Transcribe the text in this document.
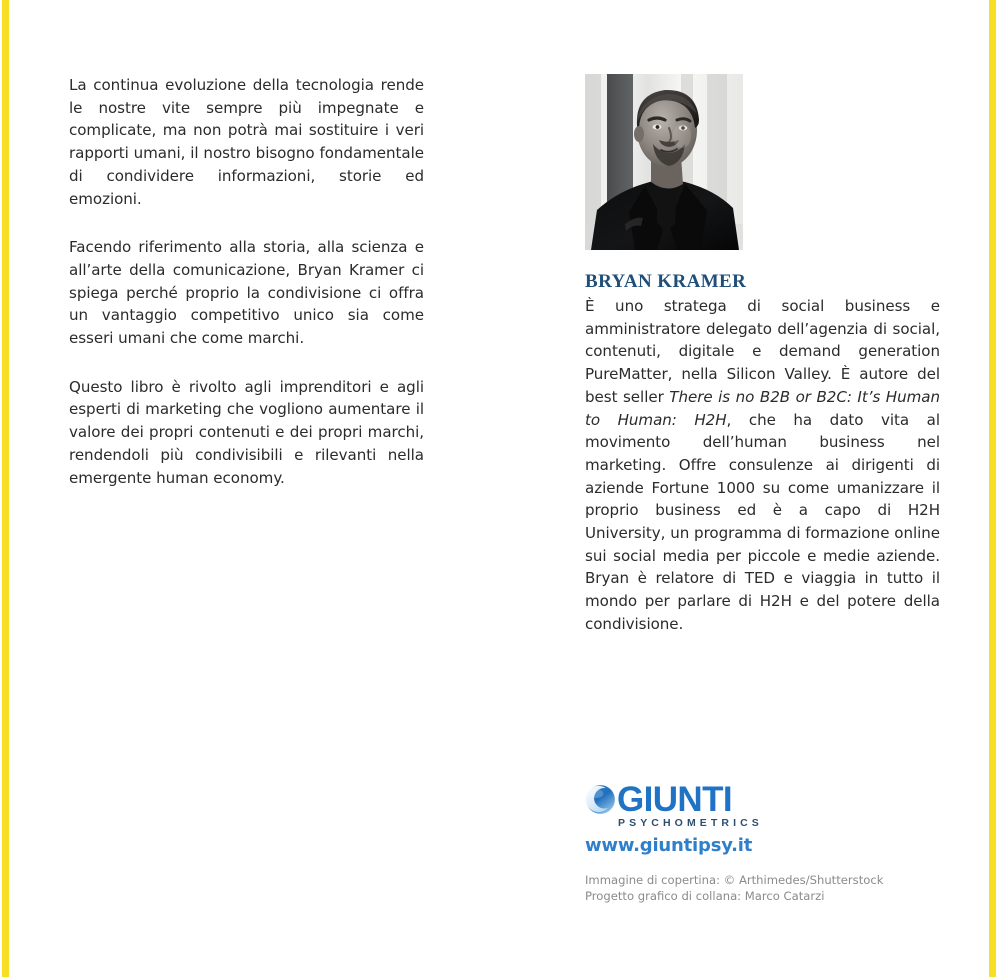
La continua evoluzione della tecnologia rende le nostre vite sempre più impegnate e complicate, ma non potrà mai sostituire i veri rapporti umani, il nostro bisogno fondamentale di condividere informazioni, storie ed emozioni.

Facendo riferimento alla storia, alla scienza e all’arte della comunicazione, Bryan Kramer ci spiega perché proprio la condivisione ci offra un vantaggio competitivo unico sia come esseri umani che come marchi.

Questo libro è rivolto agli imprenditori e agli esperti di marketing che vogliono aumentare il valore dei propri contenuti e dei propri marchi, rendendoli più condivisibili e rilevanti nella emergente human economy.

BRYAN KRAMER

È uno stratega di social business e amministratore delegato dell’agenzia di social, contenuti, digitale e demand generation PureMatter, nella Silicon Valley. È autore del best seller There is no B2B or B2C: It’s Human to Human: H2H, che ha dato vita al movimento dell’human business nel marketing. Offre consulenze ai dirigenti di aziende Fortune 1000 su come umanizzare il proprio business ed è a capo di H2H University, un programma di formazione online sui social media per piccole e medie aziende. Bryan è relatore di TED e viaggia in tutto il mondo per parlare di H2H e del potere della condivisione.

GIUNTI
PSYCHOMETRICS
www.giuntipsy.it
Immagine di copertina: © Arthimedes/Shutterstock
Progetto grafico di collana: Marco Catarzi
